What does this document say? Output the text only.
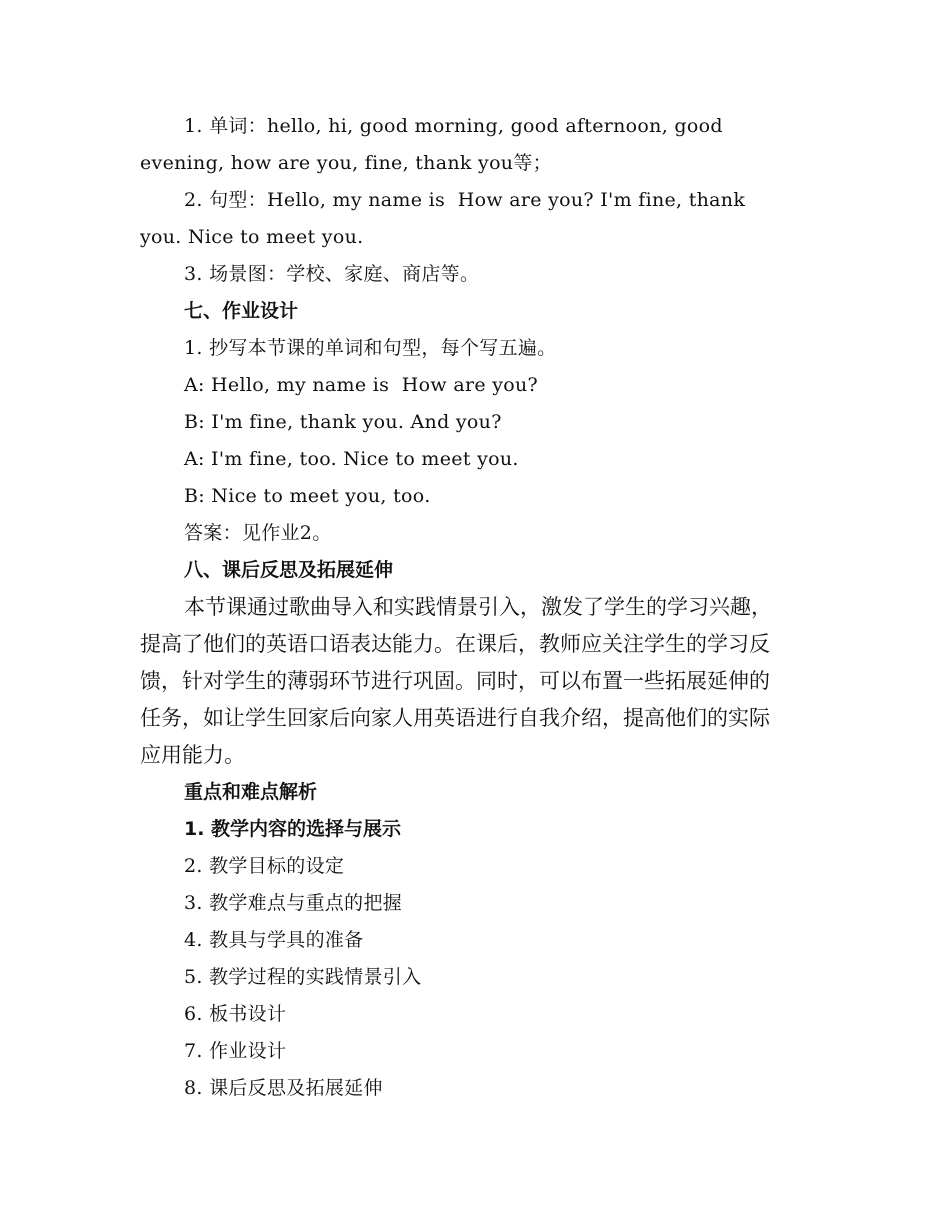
1. 单词：hello, hi, good morning, good afternoon, good
evening, how are you, fine, thank you等；
2. 句型：Hello, my name is  How are you? I'm fine, thank
you. Nice to meet you.
3. 场景图：学校、家庭、商店等。
七、作业设计
1. 抄写本节课的单词和句型，每个写五遍。
A: Hello, my name is  How are you?
B: I'm fine, thank you. And you?
A: I'm fine, too. Nice to meet you.
B: Nice to meet you, too.
答案：见作业2。
八、课后反思及拓展延伸
本节课通过歌曲导入和实践情景引入，激发了学生的学习兴趣，
提高了他们的英语口语表达能力。在课后，教师应关注学生的学习反
馈，针对学生的薄弱环节进行巩固。同时，可以布置一些拓展延伸的
任务，如让学生回家后向家人用英语进行自我介绍，提高他们的实际
应用能力。
重点和难点解析
1. 教学内容的选择与展示
2. 教学目标的设定
3. 教学难点与重点的把握
4. 教具与学具的准备
5. 教学过程的实践情景引入
6. 板书设计
7. 作业设计
8. 课后反思及拓展延伸
